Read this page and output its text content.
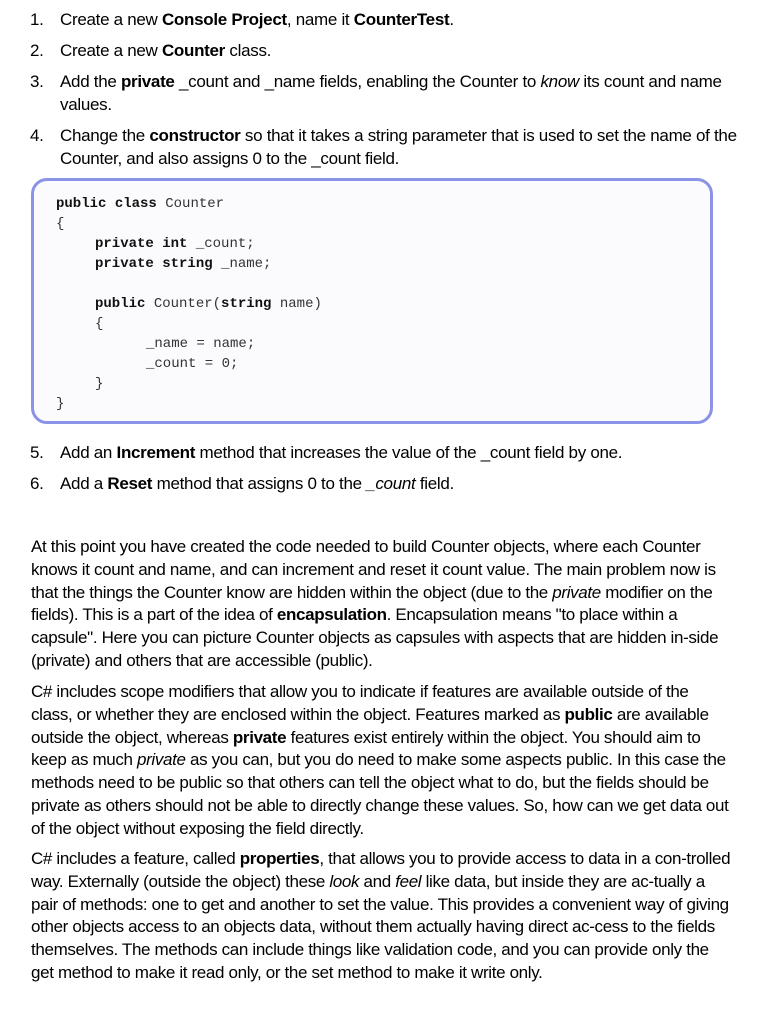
1. Create a new Console Project, name it CounterTest.
2. Create a new Counter class.
3. Add the private _count and _name fields, enabling the Counter to know its count and name values.
4. Change the constructor so that it takes a string parameter that is used to set the name of the Counter, and also assigns 0 to the _count field.
public class Counter
{
private int _count;
private string _name;
public Counter(string name)
{
_name = name;
_count = 0;
}
}
5. Add an Increment method that increases the value of the _count field by one.
6. Add a Reset method that assigns 0 to the _count field.

At this point you have created the code needed to build Counter objects, where each Counter knows it count and name, and can increment and reset it count value. The main problem now is that the things the Counter know are hidden within the object (due to the private modifier on the fields). This is a part of the idea of encapsulation. Encapsulation means "to place within a capsule". Here you can picture Counter objects as capsules with aspects that are hidden in-side (private) and others that are accessible (public).

C# includes scope modifiers that allow you to indicate if features are available outside of the class, or whether they are enclosed within the object. Features marked as public are available outside the object, whereas private features exist entirely within the object. You should aim to keep as much private as you can, but you do need to make some aspects public. In this case the methods need to be public so that others can tell the object what to do, but the fields should be private as others should not be able to directly change these values. So, how can we get data out of the object without exposing the field directly.

C# includes a feature, called properties, that allows you to provide access to data in a con-trolled way. Externally (outside the object) these look and feel like data, but inside they are ac-tually a pair of methods: one to get and another to set the value. This provides a convenient way of giving other objects access to an objects data, without them actually having direct ac-cess to the fields themselves. The methods can include things like validation code, and you can provide only the get method to make it read only, or the set method to make it write only.
